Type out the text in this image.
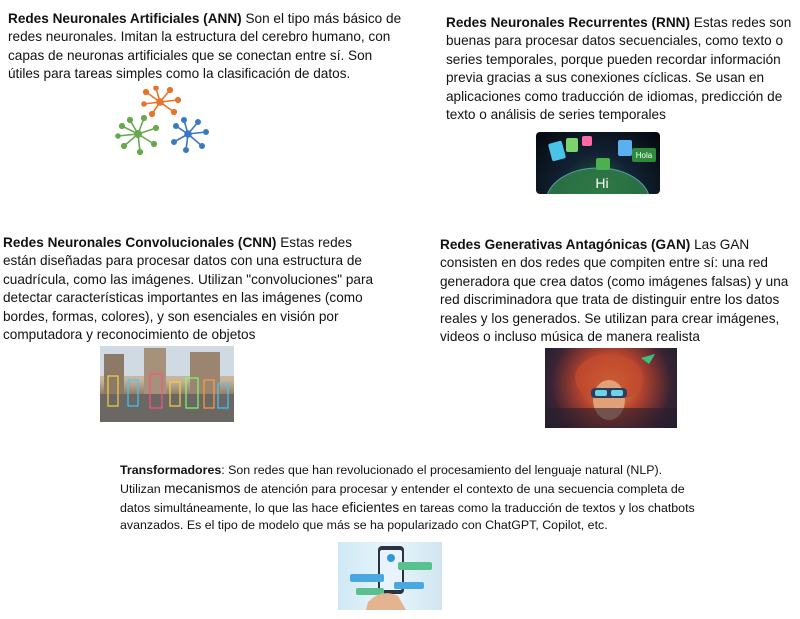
Redes Neuronales Artificiales (ANN) Son el tipo más básico de redes neuronales. Imitan la estructura del cerebro humano, con capas de neuronas artificiales que se conectan entre sí. Son útiles para tareas simples como la clasificación de datos.
Redes Neuronales Recurrentes (RNN) Estas redes son buenas para procesar datos secuenciales, como texto o series temporales, porque pueden recordar información previa gracias a sus conexiones cíclicas. Se usan en aplicaciones como traducción de idiomas, predicción de texto o análisis de series temporales
Hola
Hi
Redes Neuronales Convolucionales (CNN) Estas redes están diseñadas para procesar datos con una estructura de cuadrícula, como las imágenes. Utilizan "convoluciones" para detectar características importantes en las imágenes (como bordes, formas, colores), y son esenciales en visión por computadora y reconocimiento de objetos
Redes Generativas Antagónicas (GAN) Las GAN consisten en dos redes que compiten entre sí: una red generadora que crea datos (como imágenes falsas) y una red discriminadora que trata de distinguir entre los datos reales y los generados. Se utilizan para crear imágenes, videos o incluso música de manera realista
Transformadores: Son redes que han revolucionado el procesamiento del lenguaje natural (NLP). Utilizan mecanismos de atención para procesar y entender el contexto de una secuencia completa de datos simultáneamente, lo que las hace eficientes en tareas como la traducción de textos y los chatbots avanzados. Es el tipo de modelo que más se ha popularizado con ChatGPT, Copilot, etc.
